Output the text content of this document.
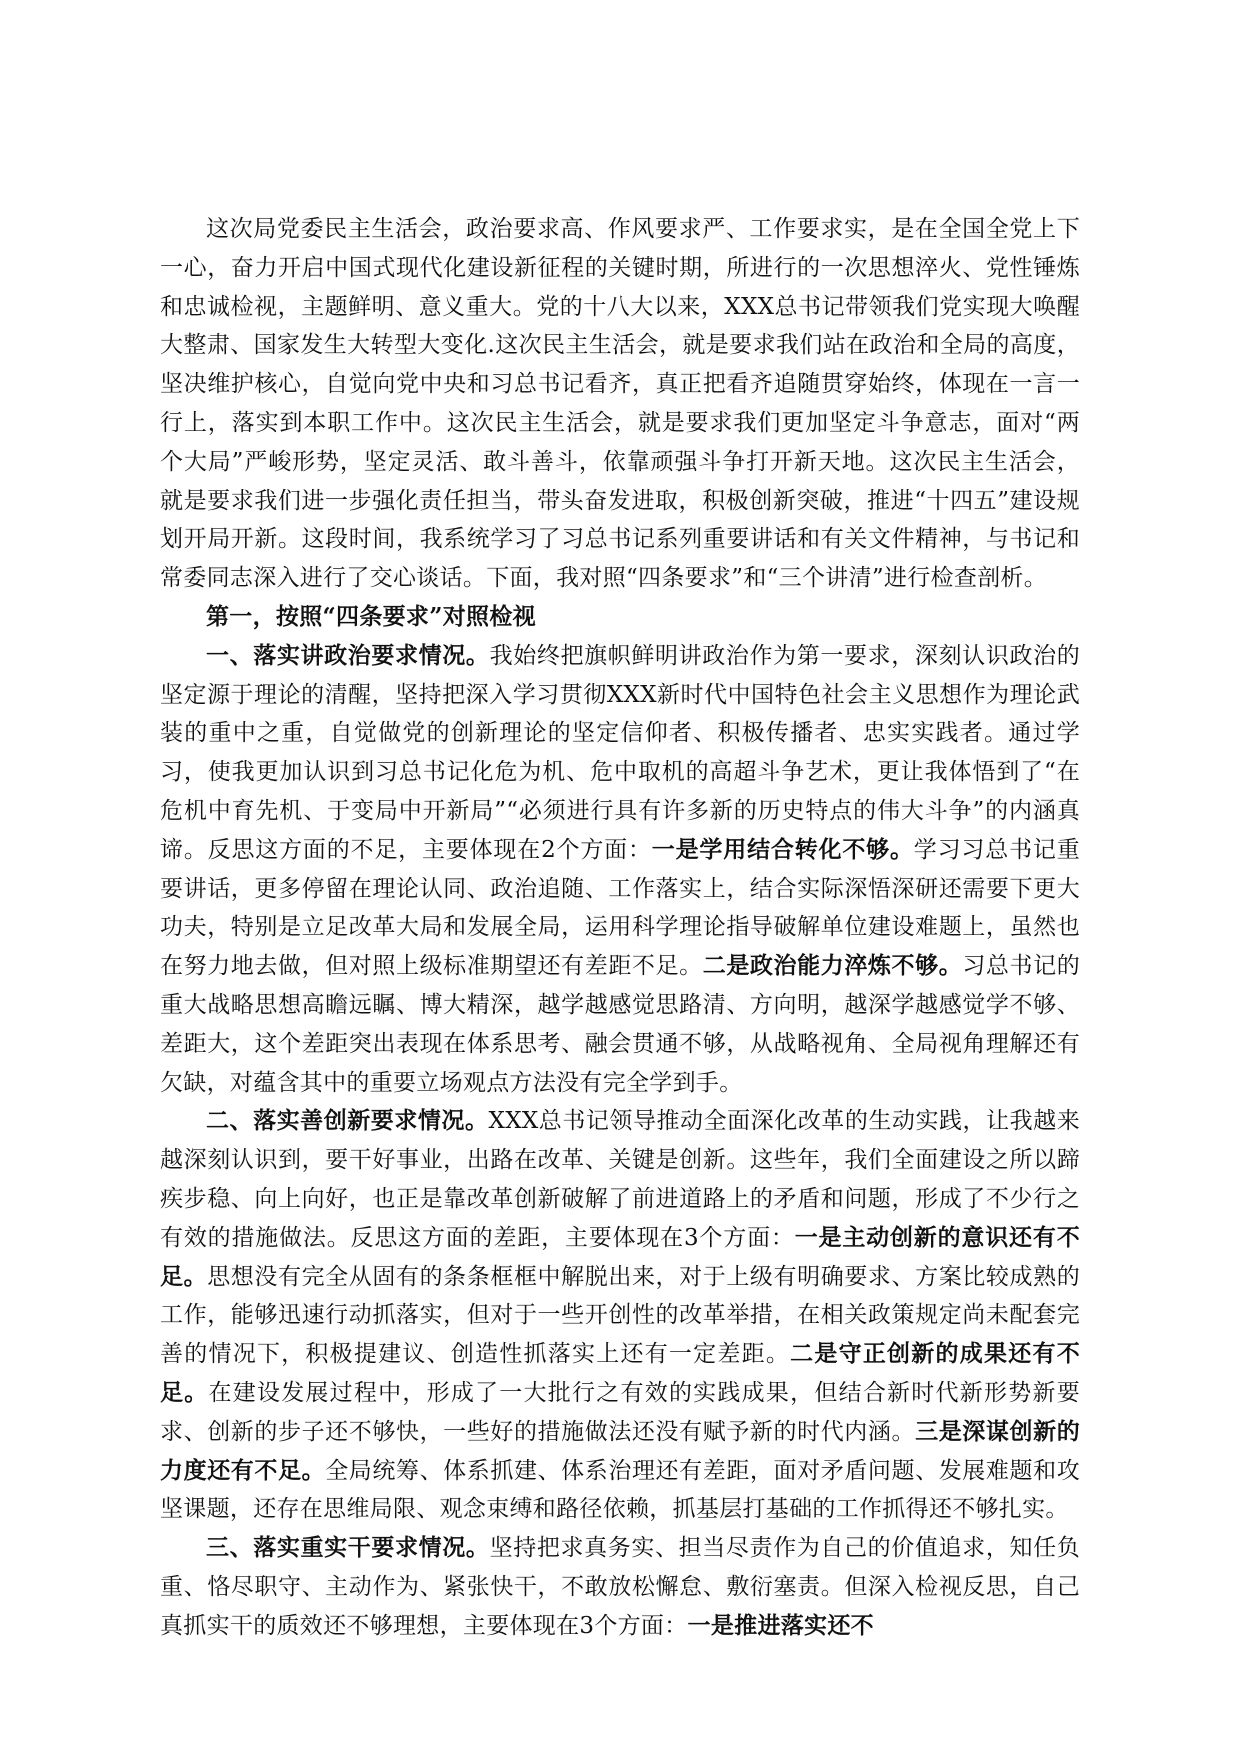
这次局党委民主生活会，政治要求高、作风要求严、工作要求实，是在全国全党上下一心，奋力开启中国式现代化建设新征程的关键时期，所进行的一次思想淬火、党性锤炼和忠诚检视，主题鲜明、意义重大。党的十八大以来，XXX总书记带领我们党实现大唤醒大整肃、国家发生大转型大变化.这次民主生活会，就是要求我们站在政治和全局的高度，坚决维护核心，自觉向党中央和习总书记看齐，真正把看齐追随贯穿始终，体现在一言一行上，落实到本职工作中。这次民主生活会，就是要求我们更加坚定斗争意志，面对“两个大局”严峻形势，坚定灵活、敢斗善斗，依靠顽强斗争打开新天地。这次民主生活会，就是要求我们进一步强化责任担当，带头奋发进取，积极创新突破，推进“十四五”建设规划开局开新。这段时间，我系统学习了习总书记系列重要讲话和有关文件精神，与书记和常委同志深入进行了交心谈话。下面，我对照“四条要求”和“三个讲清”进行检查剖析。

第一，按照“四条要求”对照检视

一、落实讲政治要求情况。我始终把旗帜鲜明讲政治作为第一要求，深刻认识政治的坚定源于理论的清醒，坚持把深入学习贯彻XXX新时代中国特色社会主义思想作为理论武装的重中之重，自觉做党的创新理论的坚定信仰者、积极传播者、忠实实践者。通过学习，使我更加认识到习总书记化危为机、危中取机的高超斗争艺术，更让我体悟到了“在危机中育先机、于变局中开新局”“必须进行具有许多新的历史特点的伟大斗争”的内涵真谛。反思这方面的不足，主要体现在2个方面：一是学用结合转化不够。学习习总书记重要讲话，更多停留在理论认同、政治追随、工作落实上，结合实际深悟深研还需要下更大功夫，特别是立足改革大局和发展全局，运用科学理论指导破解单位建设难题上，虽然也在努力地去做，但对照上级标准期望还有差距不足。二是政治能力淬炼不够。习总书记的重大战略思想高瞻远瞩、博大精深，越学越感觉思路清、方向明，越深学越感觉学不够、差距大，这个差距突出表现在体系思考、融会贯通不够，从战略视角、全局视角理解还有欠缺，对蕴含其中的重要立场观点方法没有完全学到手。

二、落实善创新要求情况。XXX总书记领导推动全面深化改革的生动实践，让我越来越深刻认识到，要干好事业，出路在改革、关键是创新。这些年，我们全面建设之所以蹄疾步稳、向上向好，也正是靠改革创新破解了前进道路上的矛盾和问题，形成了不少行之有效的措施做法。反思这方面的差距，主要体现在3个方面：一是主动创新的意识还有不足。思想没有完全从固有的条条框框中解脱出来，对于上级有明确要求、方案比较成熟的工作，能够迅速行动抓落实，但对于一些开创性的改革举措，在相关政策规定尚未配套完善的情况下，积极提建议、创造性抓落实上还有一定差距。二是守正创新的成果还有不足。在建设发展过程中，形成了一大批行之有效的实践成果，但结合新时代新形势新要求、创新的步子还不够快，一些好的措施做法还没有赋予新的时代内涵。三是深谋创新的力度还有不足。全局统筹、体系抓建、体系治理还有差距，面对矛盾问题、发展难题和攻坚课题，还存在思维局限、观念束缚和路径依赖，抓基层打基础的工作抓得还不够扎实。

三、落实重实干要求情况。坚持把求真务实、担当尽责作为自己的价值追求，知任负重、恪尽职守、主动作为、紧张快干，不敢放松懈怠、敷衍塞责。但深入检视反思，自己真抓实干的质效还不够理想，主要体现在3个方面：一是推进落实还不
